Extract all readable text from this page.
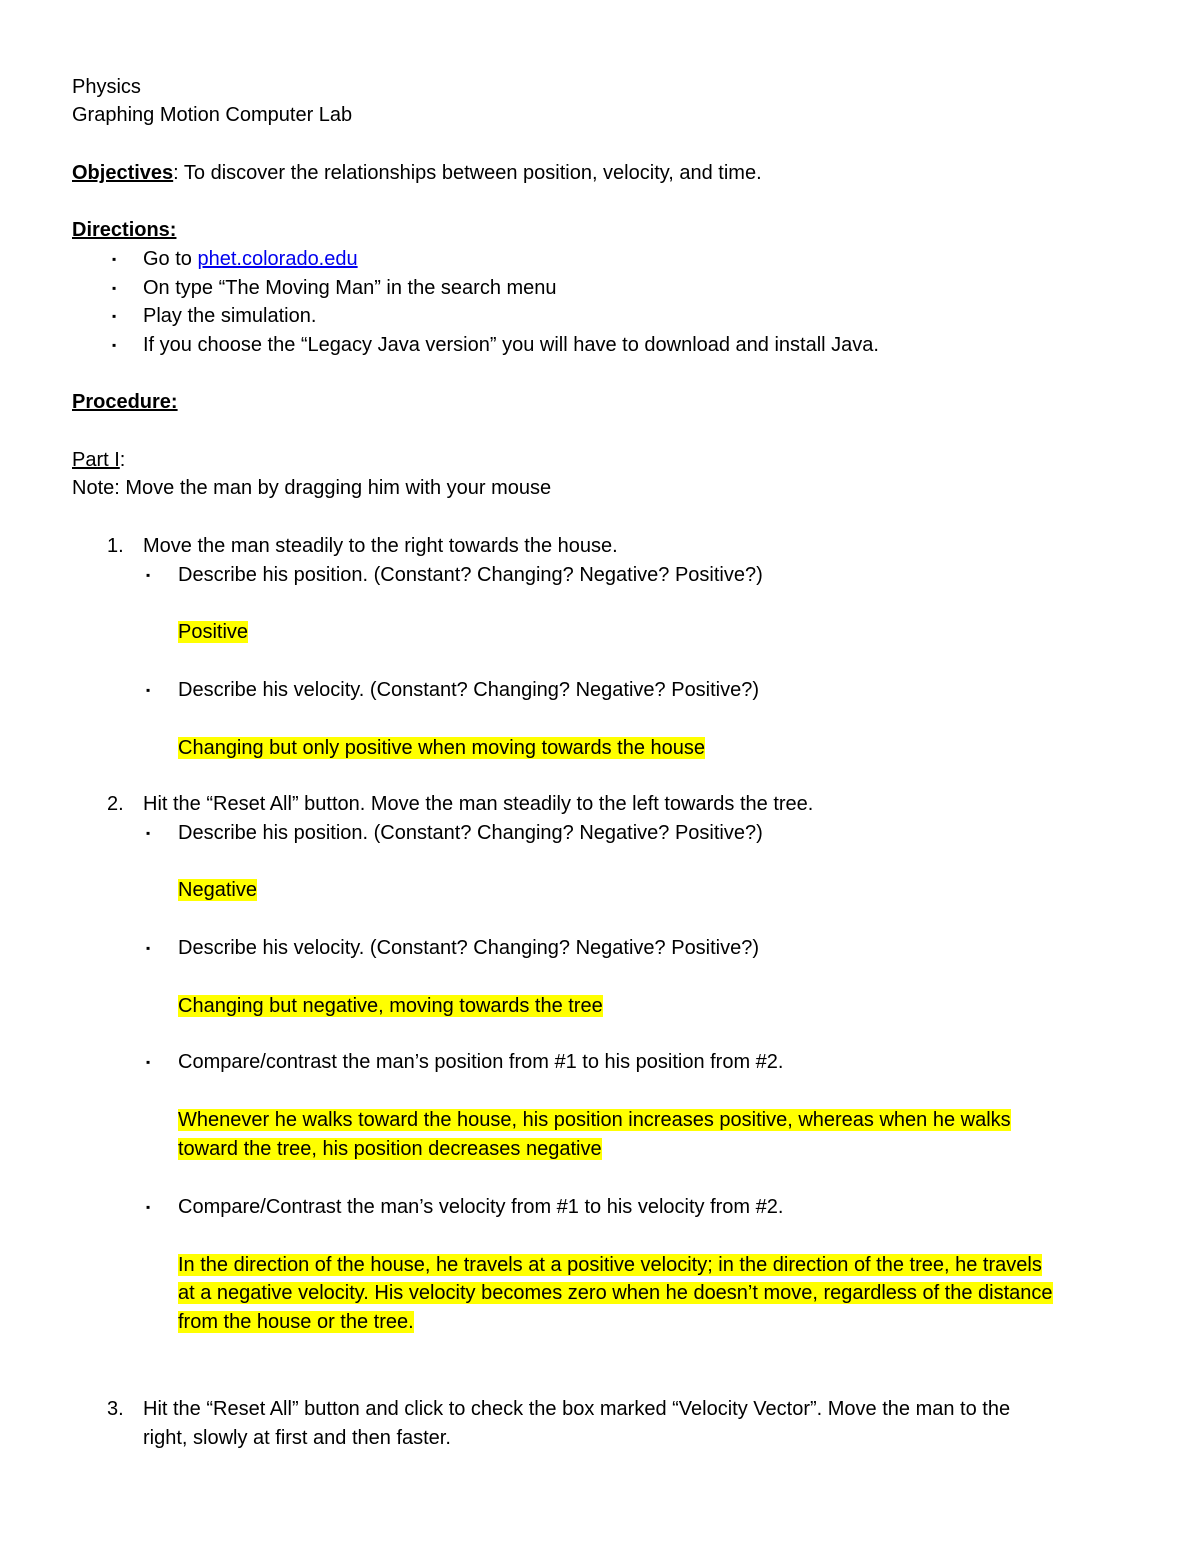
Physics
Graphing Motion Computer Lab
Objectives: To discover the relationships between position, velocity, and time.
Directions:
▪ Go to phet.colorado.edu
▪ On type “The Moving Man” in the search menu
▪ Play the simulation.
▪ If you choose the “Legacy Java version” you will have to download and install Java.
Procedure:
Part I:
Note: Move the man by dragging him with your mouse
1. Move the man steadily to the right towards the house.
▪ Describe his position. (Constant? Changing? Negative? Positive?)
Positive
▪ Describe his velocity. (Constant? Changing? Negative? Positive?)
Changing but only positive when moving towards the house
2. Hit the “Reset All” button. Move the man steadily to the left towards the tree.
▪ Describe his position. (Constant? Changing? Negative? Positive?)
Negative
▪ Describe his velocity. (Constant? Changing? Negative? Positive?)
Changing but negative, moving towards the tree
▪ Compare/contrast the man’s position from #1 to his position from #2.
Whenever he walks toward the house, his position increases positive, whereas when he walks
toward the tree, his position decreases negative
▪ Compare/Contrast the man’s velocity from #1 to his velocity from #2.
In the direction of the house, he travels at a positive velocity; in the direction of the tree, he travels
at a negative velocity. His velocity becomes zero when he doesn’t move, regardless of the distance
from the house or the tree.
3. Hit the “Reset All” button and click to check the box marked “Velocity Vector”. Move the man to the
right, slowly at first and then faster.
